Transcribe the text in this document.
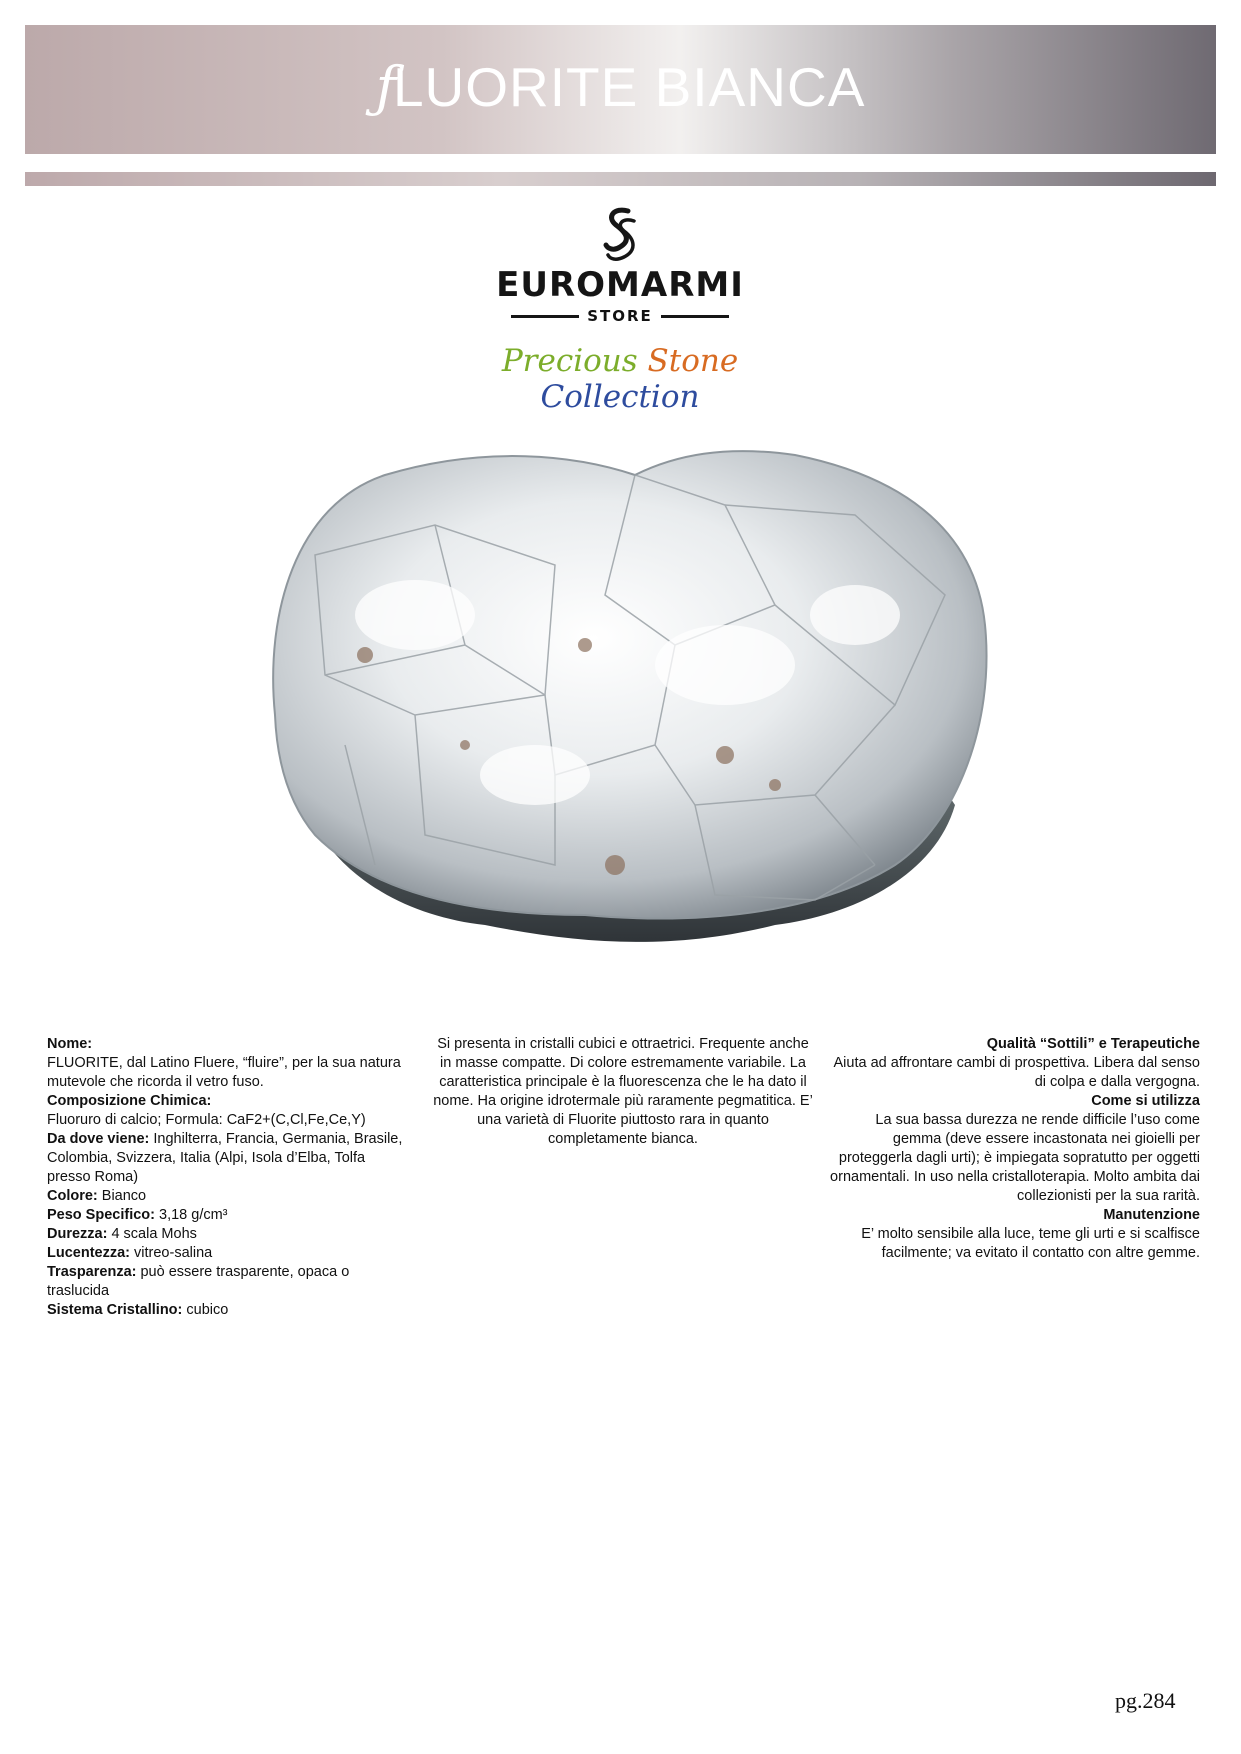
ƒLUORITE BIANCA
EUROMARMI
STORE
Precious Stone Collection

Nome:

FLUORITE, dal Latino Fluere, “fluire”, per la sua natura mutevole che ricorda il vetro fuso.

Composizione Chimica:

Fluoruro di calcio; Formula: CaF2+(C,Cl,Fe,Ce,Y)

Da dove viene: Inghilterra, Francia, Germania, Brasile, Colombia, Svizzera, Italia (Alpi, Isola d’Elba, Tolfa presso Roma)

Colore: Bianco

Peso Specifico: 3,18 g/cm³

Durezza: 4 scala Mohs

Lucentezza: vitreo-salina

Trasparenza: può essere trasparente, opaca o traslucida

Sistema Cristallino: cubico

Si presenta in cristalli cubici e ottraetrici. Frequente anche in masse compatte. Di colore estremamente variabile. La caratteristica principale è la fluorescenza che le ha dato il nome. Ha origine idrotermale più raramente pegmatitica. E’ una varietà di Fluorite piuttosto rara in quanto completamente bianca.

Qualità “Sottili” e Terapeutiche

Aiuta ad affrontare cambi di prospettiva. Libera dal senso di colpa e dalla vergogna.

Come si utilizza

La sua bassa durezza ne rende difficile l’uso come gemma (deve essere incastonata nei gioielli per proteggerla dagli urti); è impiegata sopratutto per oggetti ornamentali. In uso nella cristalloterapia. Molto ambita dai collezionisti per la sua rarità.

Manutenzione

E’ molto sensibile alla luce, teme gli urti e si scalfisce facilmente; va evitato il contatto con altre gemme.

pg.284
